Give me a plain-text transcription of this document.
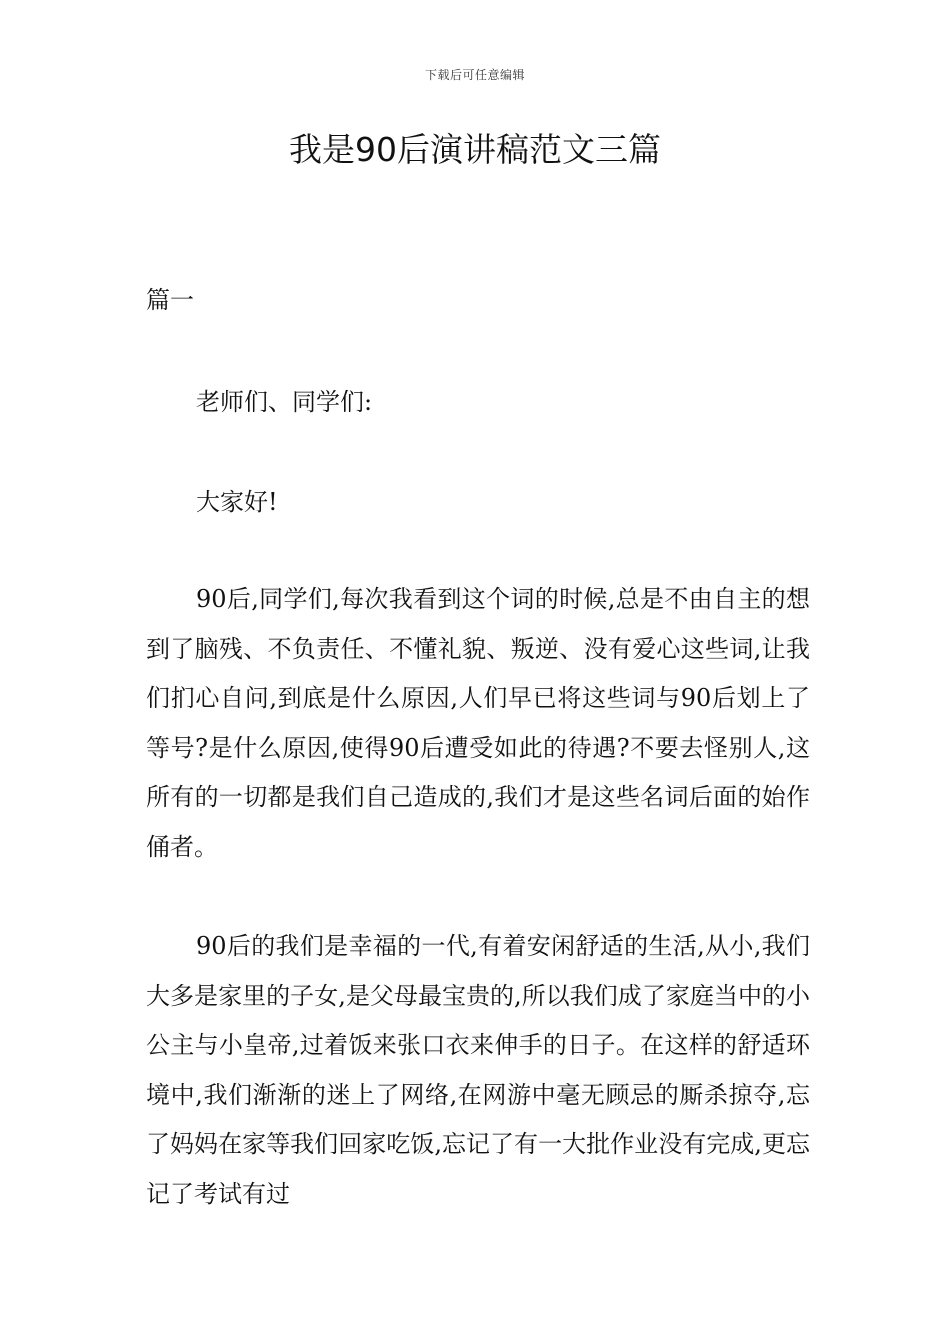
下载后可任意编辑
我是90后演讲稿范文三篇
篇一

老师们、同学们:

大家好!

90后,同学们,每次我看到这个词的时候,总是不由自主的想到了脑残、不负责任、不懂礼貌、叛逆、没有爱心这些词,让我们扪心自问,到底是什么原因,人们早已将这些词与90后划上了等号?是什么原因,使得90后遭受如此的待遇?不要去怪别人,这所有的一切都是我们自己造成的,我们才是这些名词后面的始作俑者。

90后的我们是幸福的一代,有着安闲舒适的生活,从小,我们大多是家里的子女,是父母最宝贵的,所以我们成了家庭当中的小公主与小皇帝,过着饭来张口衣来伸手的日子。在这样的舒适环境中,我们渐渐的迷上了网络,在网游中毫无顾忌的厮杀掠夺,忘了妈妈在家等我们回家吃饭,忘记了有一大批作业没有完成,更忘记了考试有过
